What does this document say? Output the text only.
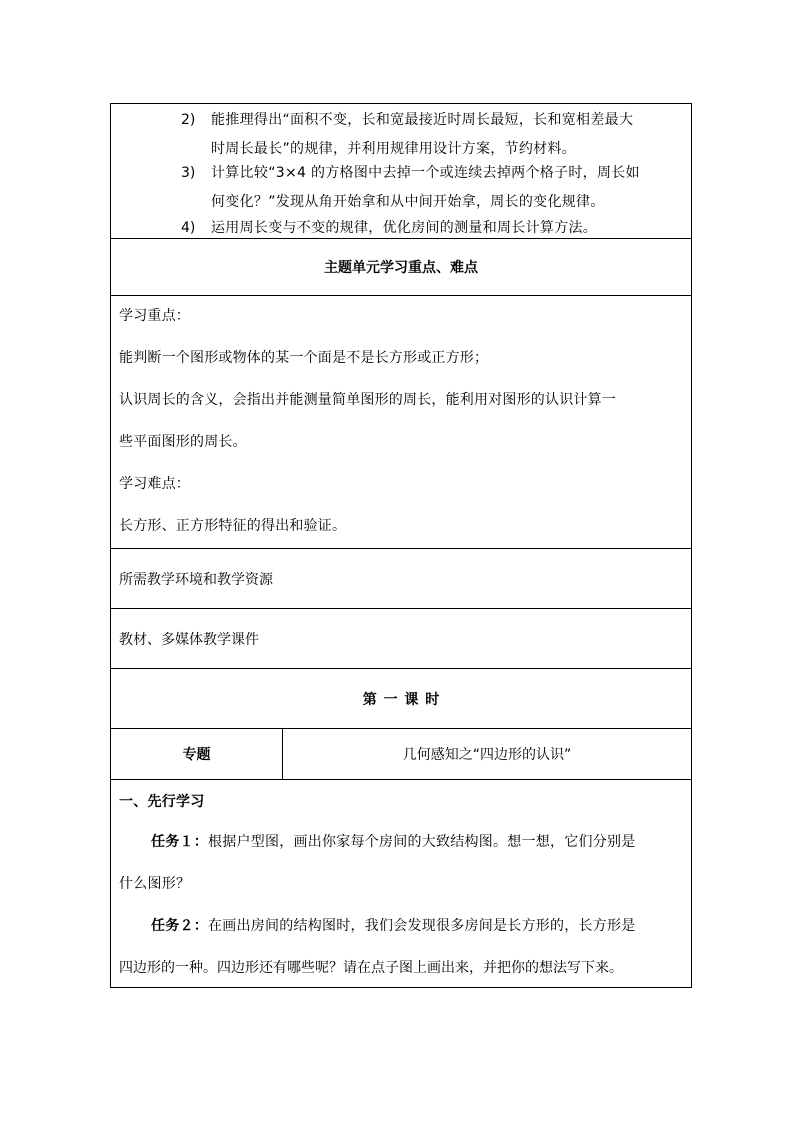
2) 能推理得出“面积不变，长和宽最接近时周长最短，长和宽相差最大
时周长最长”的规律，并利用规律用设计方案，节约材料。
3) 计算比较“3×4 的方格图中去掉一个或连续去掉两个格子时，周长如
何变化？”发现从角开始拿和从中间开始拿，周长的变化规律。
4) 运用周长变与不变的规律，优化房间的测量和周长计算方法。
主题单元学习重点、难点

学习重点：

能判断一个图形或物体的某一个面是不是长方形或正方形；

认识周长的含义，会指出并能测量简单图形的周长，能利用对图形的认识计算一

些平面图形的周长。

学习难点：

长方形、正方形特征的得出和验证。

所需教学环境和教学资源

教材、多媒体教学课件

第 一 课 时
专题	几何感知之“四边形的认识”

一、先行学习

任务１：根据户型图，画出你家每个房间的大致结构图。想一想，它们分别是

什么图形？

任务２：在画出房间的结构图时，我们会发现很多房间是长方形的，长方形是

四边形的一种。四边形还有哪些呢？请在点子图上画出来，并把你的想法写下来。
